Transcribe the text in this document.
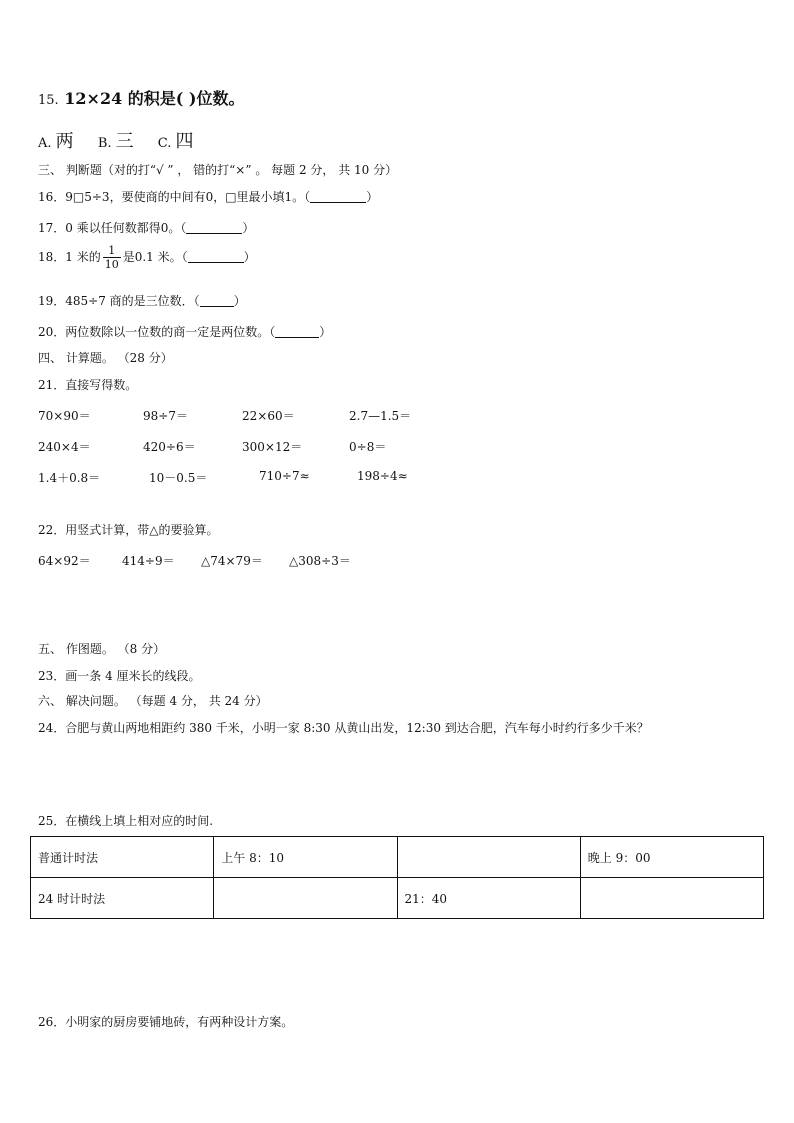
15. 12×24 的积是( )位数。
A. 两 B. 三 C. 四
三、 判断题（对的打“√ ” ， 错的打“×” 。 每题 2 分， 共 10 分）
16．9□5÷3，要使商的中间有0，□里最小填1。（	）
17．0 乘以任何数都得0。（	）
18．1 米的 $\frac{1}{10}$ 是0.1 米。（	）
19．485÷7 商的是三位数．（	）
20．两位数除以一位数的商一定是两位数。（	）
四、 计算题。 （28 分）
21．直接写得数。
70×90＝	98÷7＝	22×60＝	2.7—1.5＝
240×4＝	420÷6＝	300×12＝	0÷8＝
1.4＋0.8＝	10－0.5＝	710÷7≈	198÷4≈
22．用竖式计算，带△的要验算。
64×92＝	414÷9＝ △74×79＝ △308÷3＝
五、 作图题。 （8 分）
23．画一条 4 厘米长的线段。
六、 解决问题。 （每题 4 分， 共 24 分）
24．合肥与黄山两地相距约 380 千米，小明一家 8:30 从黄山出发，12:30 到达合肥，汽车每小时约行多少千米？
25．在横线上填上相对应的时间.
普通计时法	上午 8：10		晚上 9：00
24 时计时法		21：40	
26．小明家的厨房要铺地砖，有两种设计方案。
